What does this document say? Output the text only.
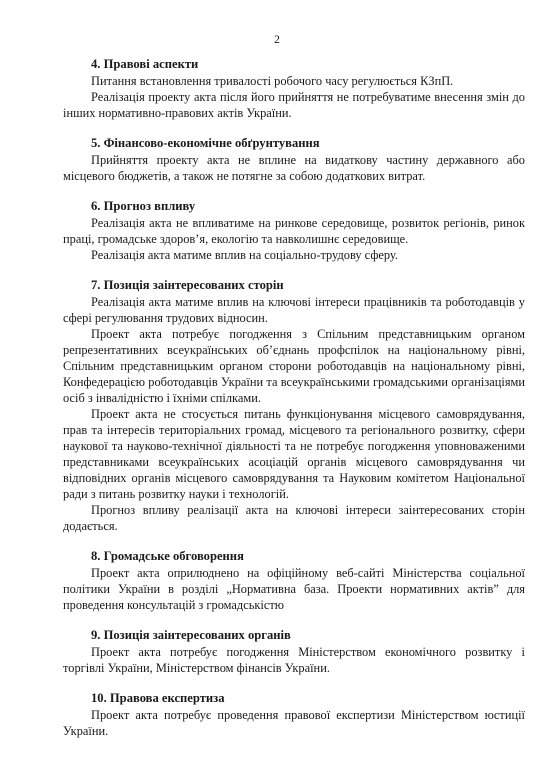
2
4. Правові аспекти

Питання встановлення тривалості робочого часу регулюється КЗпП.

Реалізація проекту акта після його прийняття не потребуватиме внесення змін до інших нормативно-правових актів України.

5. Фінансово-економічне обґрунтування

Прийняття проекту акта не вплине на видаткову частину державного або місцевого бюджетів, а також не потягне за собою додаткових витрат.

6. Прогноз впливу

Реалізація акта не впливатиме на ринкове середовище, розвиток регіонів, ринок праці, громадське здоров’я, екологію та навколишнє середовище.

Реалізація акта матиме вплив на соціально-трудову сферу.

7. Позиція заінтересованих сторін

Реалізація акта матиме вплив на ключові інтереси працівників та роботодавців у сфері регулювання трудових відносин.

Проект акта потребує погодження з Спільним представницьким органом репрезентативних всеукраїнських об’єднань профспілок на національному рівні, Спільним представницьким органом сторони роботодавців на національному рівні, Конфедерацією роботодавців України та всеукраїнськими громадськими організаціями осіб з інвалідністю і їхніми спілками.

Проект акта не стосується питань функціонування місцевого самоврядування, прав та інтересів територіальних громад, місцевого та регіонального розвитку, сфери наукової та науково-технічної діяльності та не потребує погодження уповноваженими представниками всеукраїнських асоціацій органів місцевого самоврядування чи відповідних органів місцевого самоврядування та Науковим комітетом Національної ради з питань розвитку науки і технологій.

Прогноз впливу реалізації акта на ключові інтереси заінтересованих сторін додається.

8. Громадське обговорення

Проект акта оприлюднено на офіційному веб-сайті Міністерства соціальної політики України в розділі „Нормативна база. Проекти нормативних актів” для проведення консультацій з громадськістю

9. Позиція заінтересованих органів

Проект акта потребує погодження Міністерством економічного розвитку і торгівлі України, Міністерством фінансів України.

10. Правова експертиза

Проект акта потребує проведення правової експертизи Міністерством юстиції України.
